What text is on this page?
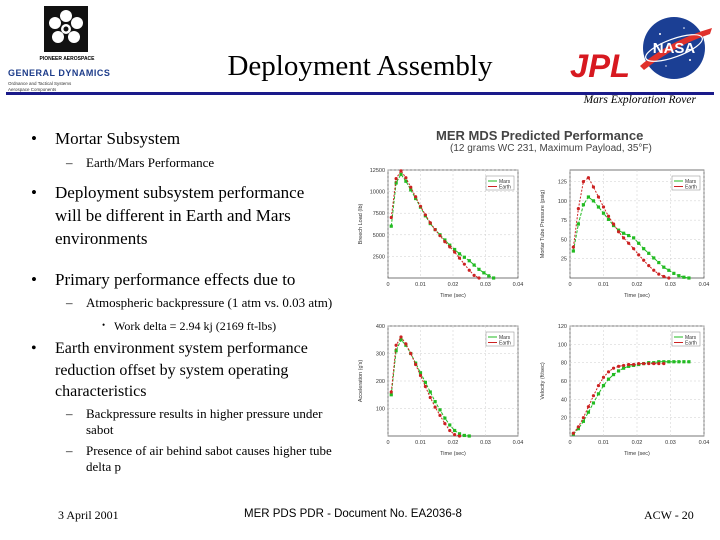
PIONEER AEROSPACE
GENERAL DYNAMICS
Ordnance and Tactical Systems
Aerospace Components
Deployment Assembly	JPL NASA
Mars Exploration Rover
• Mortar Subsystem
– Earth/Mars Performance
• Deployment subsystem performance
will be different in Earth and Mars
environments
• Primary performance effects due to
– Atmospheric backpressure (1 atm vs. 0.03 atm)
• Work delta = 2.94 kj (2169 ft-lbs)
• Earth environment system performance
reduction offset by system operating
characteristics
– Backpressure results in higher pressure under
sabot
– Presence of air behind sabot causes higher tube
delta p
MER MDS Predicted Performance
(12 grams WC 231, Maximum Payload, 35°F)
2500
5000
7500
10000
12500
0	0.01	0.02	0.03	0.04
Time (sec)
Breech Load (lb)
Mars
Earth
25
50
75
100
125
0	0.01	0.02	0.03	0.04
Time (sec)
Mortar Tube Pressure (psig)
Mars
Earth
100
200
300
400
0	0.01	0.02	0.03	0.04
Time (sec)
Acceleration (g's)
Mars
Earth
20
40
60
80
100
120
0	0.01	0.02	0.03	0.04
Time (sec)
Velocity (ft/sec)
Mars
Earth
3 April 2001	MER PDS PDR - Document No. EA2036-8	ACW - 20
